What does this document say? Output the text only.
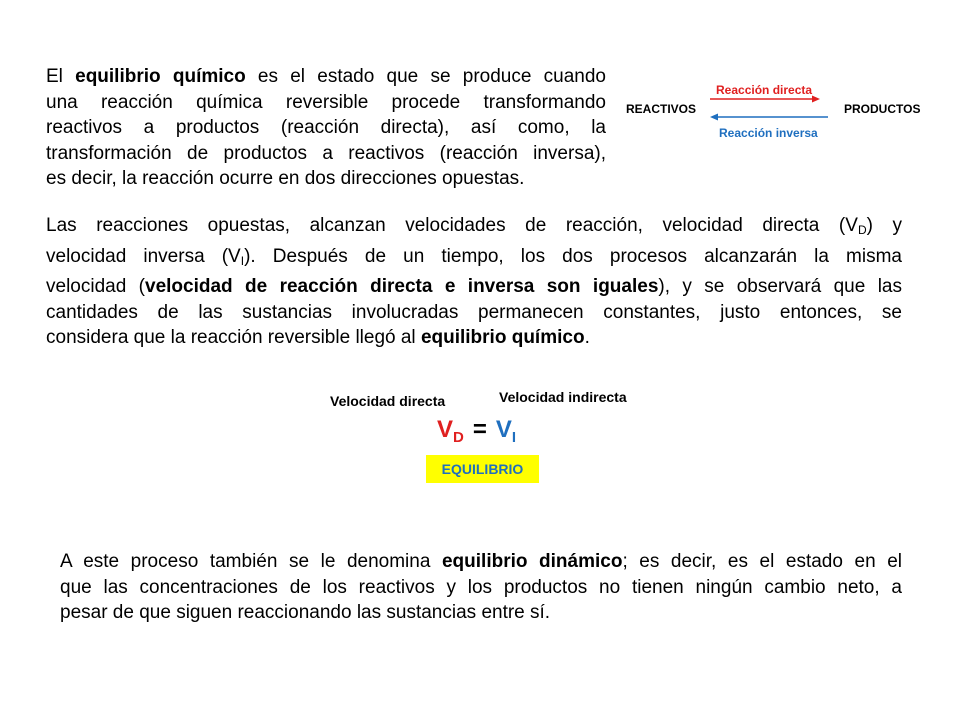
El equilibrio químico es el estado que se produce cuando
una reacción química reversible procede transformando
reactivos a productos (reacción directa), así como, la
transformación de productos a reactivos (reacción inversa),
es decir, la reacción ocurre en dos direcciones opuestas.
Reacción directa
REACTIVOS	PRODUCTOS
Reacción inversa
Las reacciones opuestas, alcanzan velocidades de reacción, velocidad directa $(V_D)$ y
velocidad inversa $(V_I)$. Después de un tiempo, los dos procesos alcanzarán la misma
velocidad (velocidad de reacción directa e inversa son iguales), y se observará que las
cantidades de las sustancias involucradas permanecen constantes, justo entonces, se
considera que la reacción reversible llegó al equilibrio químico.
Velocidad directa	Velocidad indirecta
$V_D = V_I$
EQUILIBRIO
A este proceso también se le denomina equilibrio dinámico; es decir, es el estado en el
que las concentraciones de los reactivos y los productos no tienen ningún cambio neto, a
pesar de que siguen reaccionando las sustancias entre sí.
